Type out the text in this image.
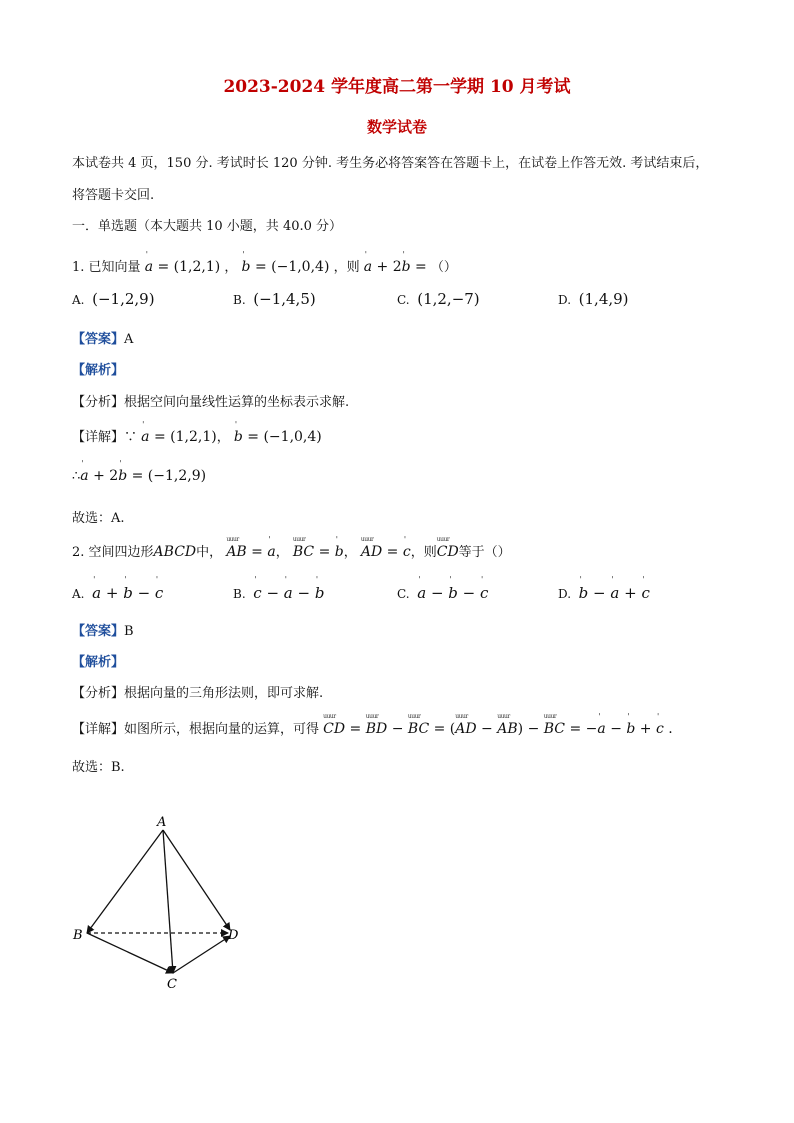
2023-2024 学年度高二第一学期 10 月考试
数学试卷
本试卷共 4 页，150 分. 考试时长 120 分钟. 考生务必将答案答在答题卡上，在试卷上作答无效. 考试结束后，
将答题卡交回.
一．单选题（本大题共 10 小题，共 40.0 分）
1. 已知向量 ' a = (1,2,1) ， ' b = (−1,0,4) ，则 ' a + 2' b = （）
A. (−1,2,9)	B. (−1,4,5)	C. (1,2,−7)	D. (1,4,9)
【答案】A
【解析】
【分析】根据空间向量线性运算的坐标表示求解.
【详解】∵ ' a = (1,2,1)， ' b = (−1,0,4)
∴' a + 2' b = (−1,2,9)
故选：A.
2. 空间四边形ABCD中， uuur AB = ' a， uuur BC = ' b， uuur AD = ' c，则uuur CD等于（）
A. ' a + ' b − ' c	B. ' c − ' a − ' b	C. ' a − ' b − ' c	D. ' b − ' a + ' c
【答案】B
【解析】
【分析】根据向量的三角形法则，即可求解.
【详解】如图所示，根据向量的运算，可得 uuur CD = uuur BD − uuur BC = (uuur AD − uuur AB) − uuur BC = −' a − ' b + ' c .
故选：B.
A
B
C
D
